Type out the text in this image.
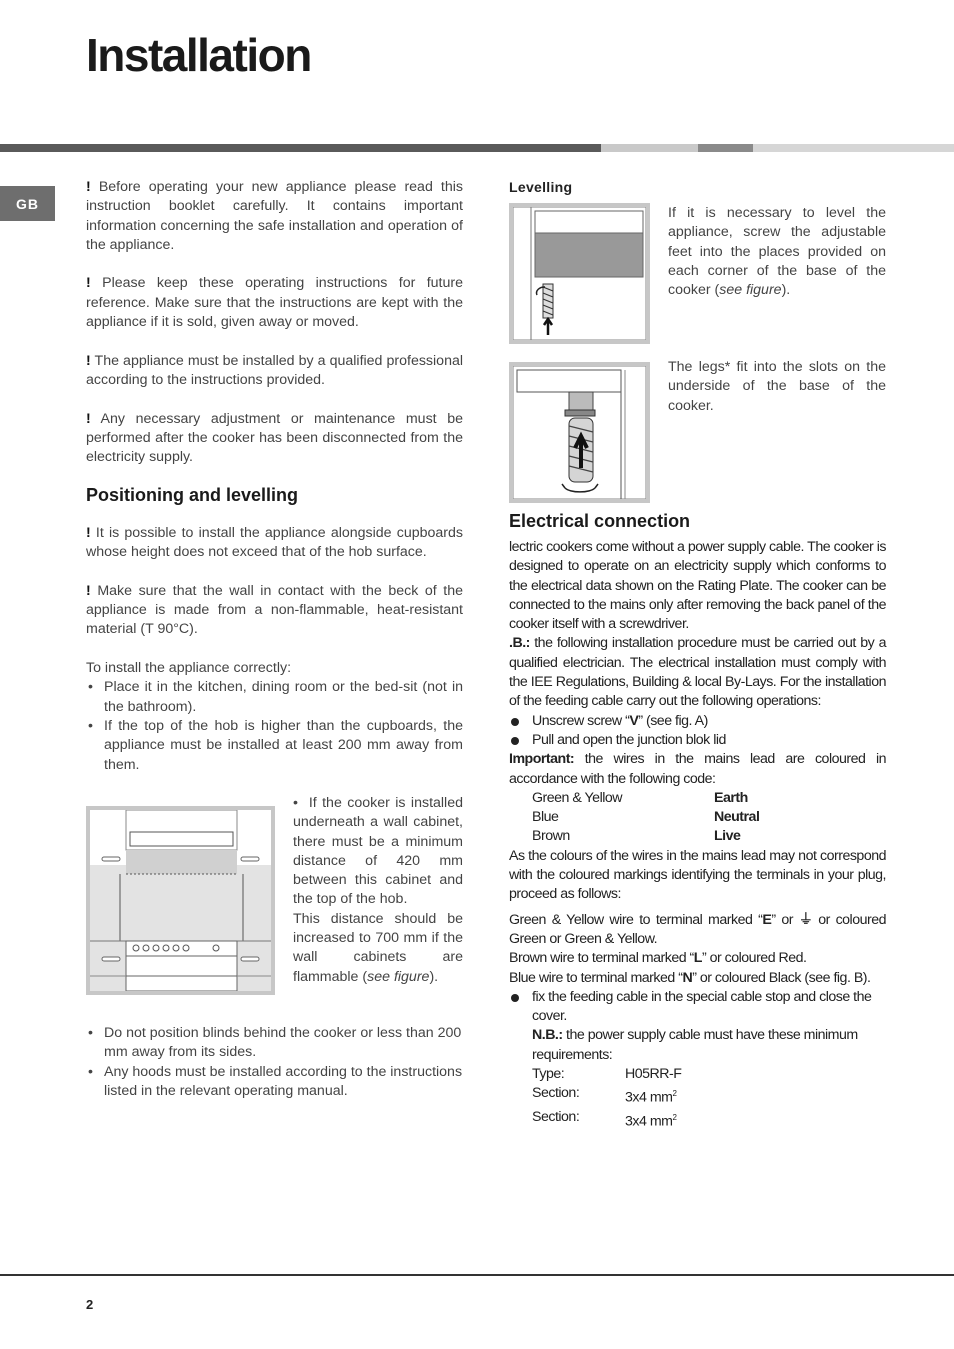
Installation
GB

! Before operating your new appliance please read this instruction booklet carefully. It contains important information concerning the safe installation and operation of the appliance.

! Please keep these operating instructions for future reference. Make sure that the instructions are kept with the appliance if it is sold, given away or moved.

! The appliance must be installed by a qualified professional according to the instructions provided.

! Any necessary adjustment or maintenance must be performed after the cooker has been disconnected from the electricity supply.

Positioning and levelling

! It is possible to install the appliance alongside cupboards whose height does not exceed that of the hob surface.

! Make sure that the wall in contact with the beck of the appliance is made from a non-flammable, heat-resistant material (T 90°C).

To install the appliance correctly:

• Place it in the kitchen, dining room or the bed-sit (not in the bathroom).
• If the top of the hob is higher than the cupboards, the appliance must be installed at least 200 mm away from them.

•  If the cooker is installed underneath a wall cabinet, there must be a minimum distance of 420 mm between this cabinet and the top of the hob.

This distance should be increased to 700 mm if the wall cabinets are flammable (see figure).

• Do not position blinds behind the cooker or less than 200 mm away from its sides.
• Any hoods must be installed according to the instructions listed in the relevant operating manual.
Levelling

If it is necessary to level the appliance, screw the adjustable feet into the places provided on each corner of the base of the cooker (see figure).

The legs* fit into the slots on the underside of the base of the cooker.

Electrical connection

lectric cookers come without a power supply cable. The cooker is designed to operate on an electricity supply which conforms to the electrical data shown on the Rating Plate. The cooker can be connected to the mains only after removing the back panel of the cooker itself with a screwdriver.

.B.: the following installation procedure must be carried out by a qualified electrician. The electrical installation must comply with the IEE Regulations, Building & local By-Lays. For the installation of the feeding cable carry out the following operations:

Unscrew screw “V” (see fig. A)
Pull and open the junction blok lid

Important: the wires in the mains lead are coloured in accordance with the following code:

Green & Yellow	Earth
Blue	Neutral
Brown	Live

As the colours of the wires in the mains lead may not correspond with the coloured markings identifying the terminals in your plug, proceed as follows:

Green & Yellow wire to terminal marked “E” or ⏚ or coloured Green or Green & Yellow.

Brown wire to terminal marked “L” or coloured Red.

Blue wire to terminal marked “N” or coloured Black (see fig. B).

fix the feeding cable in the special cable stop and close the cover.
N.B.: the power supply cable must have these minimum requirements:
Type:	H05RR-F
Section:	3x4 $mm^2$
Section:	3x4 $mm^2$
2
